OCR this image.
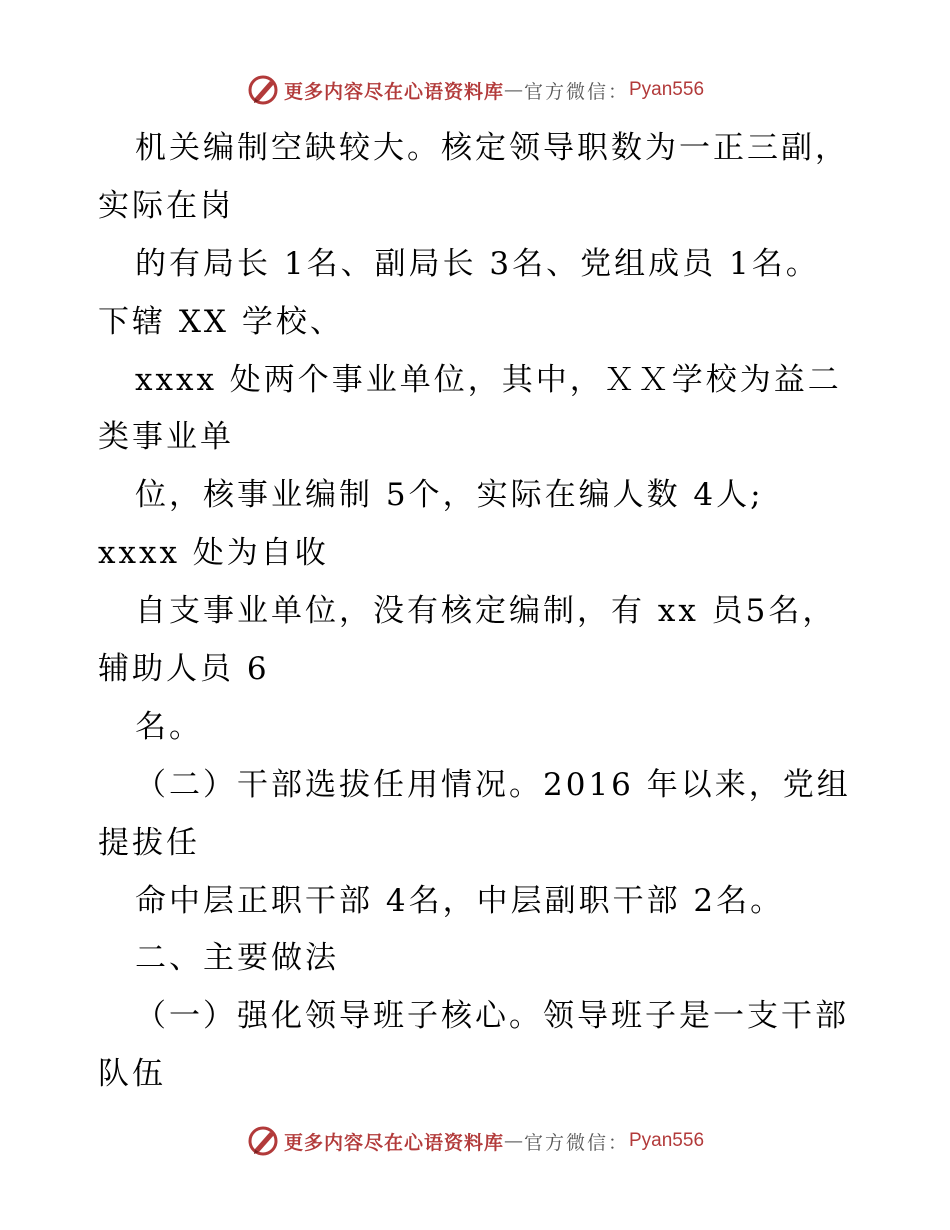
更多内容尽在心语资料库 — 官方微信： Pyan556
机关编制空缺较大。核定领导职数为一正三副，
实际在岗
的有局长 1名、副局长 3名、党组成员 1名。
下辖 XX 学校、
xxxx 处两个事业单位，其中，ＸＸ学校为益二
类事业单
位，核事业编制 5个，实际在编人数 4人;
xxxx 处为自收
自支事业单位，没有核定编制，有 xx 员5名，
辅助人员 6
名。
（二）干部选拔任用情况。2016 年以来，党组
提拔任
命中层正职干部 4名，中层副职干部 2名。
二、主要做法
（一）强化领导班子核心。领导班子是一支干部
队伍
更多内容尽在心语资料库 — 官方微信： Pyan556
